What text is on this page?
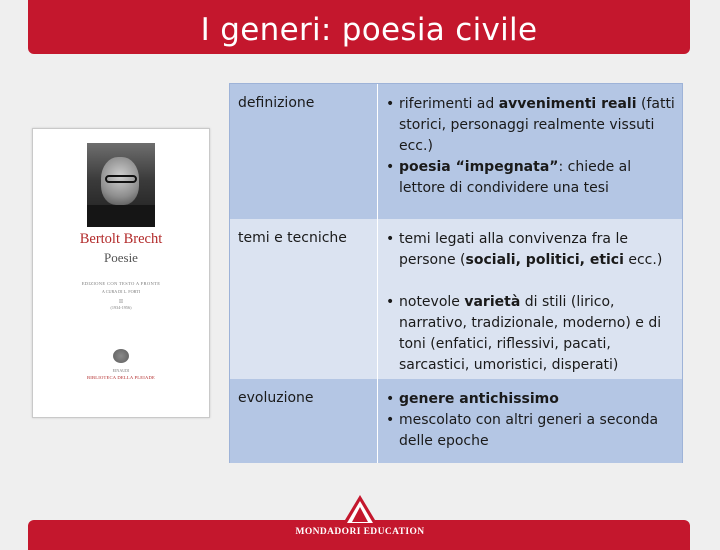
I generi: poesia civile
Bertolt Brecht
Poesie
EDIZIONE CON TESTO A FRONTE
A CURA DI L. FORTI
II
(1934-1956)
EINAUDI
BIBLIOTECA DELLA PLEIADE
definizione	• riferimenti ad avvenimenti reali (fatti storici, personaggi realmente vissuti ecc.)
• poesia “impegnata”: chiede al lettore di condividere una tesi
temi e tecniche	• temi legati alla convivenza fra le persone (sociali, politici, etici ecc.)
• notevole varietà di stili (lirico, narrativo, tradizionale, moderno) e di toni (enfatici, riflessivi, pacati, sarcastici, umoristici, disperati)
evoluzione	• genere antichissimo
• mescolato con altri generi a seconda delle epoche
MONDADORI EDUCATION
